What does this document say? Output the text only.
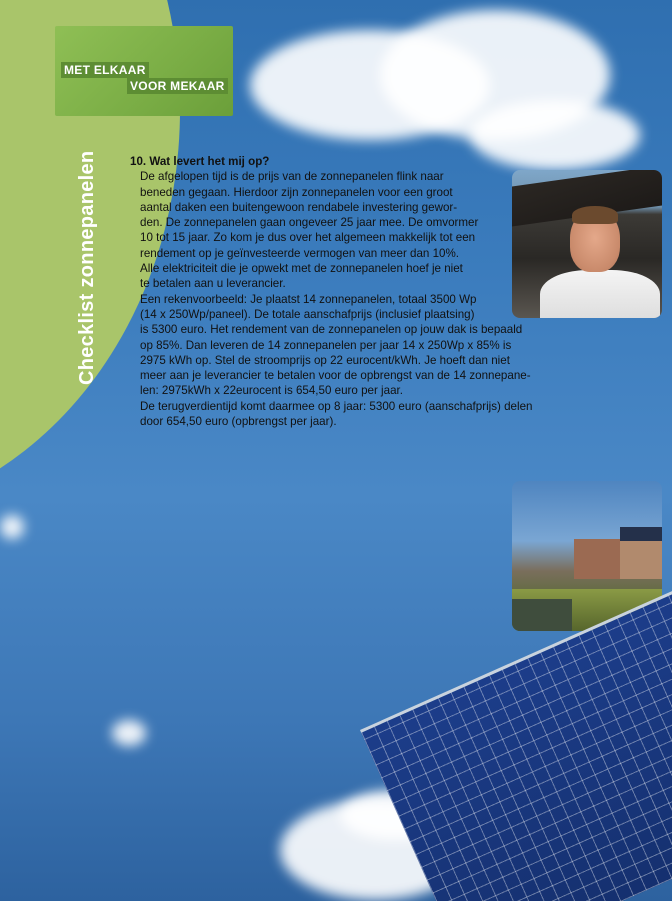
MET ELKAAR
VOOR MEKAAR
Checklist zonnepanelen	10. Wat levert het mij op?
De afgelopen tijd is de prijs van de zonnepanelen flink naar
beneden gegaan. Hierdoor zijn zonnepanelen voor een groot
aantal daken een buitengewoon rendabele investering gewor-
den. De zonnepanelen gaan ongeveer 25 jaar mee. De omvormer
10 tot 15 jaar. Zo kom je dus over het algemeen makkelijk tot een
rendement op je geïnvesteerde vermogen van meer dan 10%.
Alle elektriciteit die je opwekt met de zonnepanelen hoef je niet
te betalen aan u leverancier.
Een rekenvoorbeeld: Je plaatst 14 zonnepanelen, totaal 3500 Wp
(14 x 250Wp/paneel). De totale aanschafprijs (inclusief plaatsing)
is 5300 euro. Het rendement van de zonnepanelen op jouw dak is bepaald
op 85%. Dan leveren de 14 zonnepanelen per jaar 14 x 250Wp x 85% is
2975 kWh op. Stel de stroomprijs op 22 eurocent/kWh. Je hoeft dan niet
meer aan je leverancier te betalen voor de opbrengst van de 14 zonnepane-
len: 2975kWh x 22eurocent is 654,50 euro per jaar.
De terugverdientijd komt daarmee op 8 jaar: 5300 euro (aanschafprijs) delen
door 654,50 euro (opbrengst per jaar).
